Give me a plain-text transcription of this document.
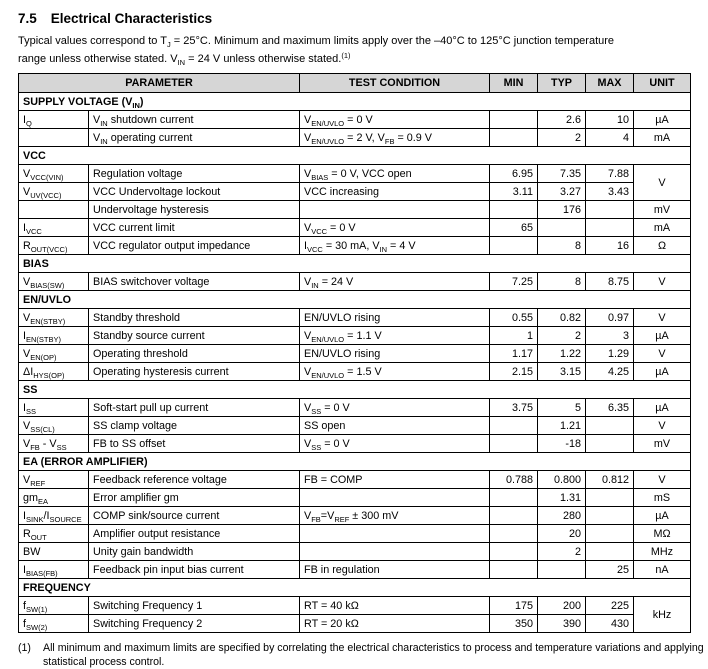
7.5 Electrical Characteristics
Typical values correspond to $T_J = 25^\circ C$. Minimum and maximum limits apply over the –40°C to 125°C junction temperature
range unless otherwise stated. $V_{IN} = 24$ V unless otherwise stated.$^{(1)}$
PARAMETER		TEST CONDITION	MIN	TYP	MAX	UNIT
SUPPLY VOLTAGE $(V_{IN})$						
$I_Q$	$V_{IN}$ shutdown current	$V_{EN/UVLO} = 0$ V		2.6	10	µA
	$V_{IN}$ operating current	$V_{EN/UVLO} = 2$ V, $V_{FB} = 0.9$ V		2	4	mA
VCC						
$V_{VCC(VIN)}$	Regulation voltage	$V_{BIAS} = 0$ V, VCC open	6.95	7.35	7.88	V
$V_{UV(VCC)}$	VCC Undervoltage lockout	VCC increasing	3.11	3.27	3.43	
	Undervoltage hysteresis			176		mV
$I_{VCC}$	VCC current limit	$V_{VCC} = 0$ V	65			mA
$R_{OUT(VCC)}$	VCC regulator output impedance	$I_{VCC} = 30$ mA, $V_{IN} = 4$ V		8	16	Ω
BIAS						
$V_{BIAS(SW)}$	BIAS switchover voltage	$V_{IN} = 24$ V	7.25	8	8.75	V
EN/UVLO						
$V_{EN(STBY)}$	Standby threshold	EN/UVLO rising	0.55	0.82	0.97	V
$I_{EN(STBY)}$	Standby source current	$V_{EN/UVLO} = 1.1$ V	1	2	3	µA
$V_{EN(OP)}$	Operating threshold	EN/UVLO rising	1.17	1.22	1.29	V
$\Delta I_{HYS(OP)}$	Operating hysteresis current	$V_{EN/UVLO} = 1.5$ V	2.15	3.15	4.25	µA
SS						
$I_{SS}$	Soft-start pull up current	$V_{SS} = 0$ V	3.75	5	6.35	µA
$V_{SS(CL)}$	SS clamp voltage	SS open		1.21		V
$V_{FB} - V_{SS}$	FB to SS offset	$V_{SS} = 0$ V		-18		mV
EA (ERROR AMPLIFIER)						
$V_{REF}$	Feedback reference voltage	FB = COMP	0.788	0.800	0.812	V
$gm_{EA}$	Error amplifier gm			1.31		mS
$I_{SINK}/I_{SOURCE}$	COMP sink/source current	$V_{FB}=V_{REF} \pm 300$ mV		280		µA
$R_{OUT}$	Amplifier output resistance			20		MΩ
BW	Unity gain bandwidth			2		MHz
$I_{BIAS(FB)}$	Feedback pin input bias current	FB in regulation			25	nA
FREQUENCY						
$f_{SW(1)}$	Switching Frequency 1	RT = 40 kΩ	175	200	225	kHz
$f_{SW(2)}$	Switching Frequency 2	RT = 20 kΩ	350	390	430	
(1)	All minimum and maximum limits are specified by correlating the electrical characteristics to process and temperature variations and applying statistical process control.
